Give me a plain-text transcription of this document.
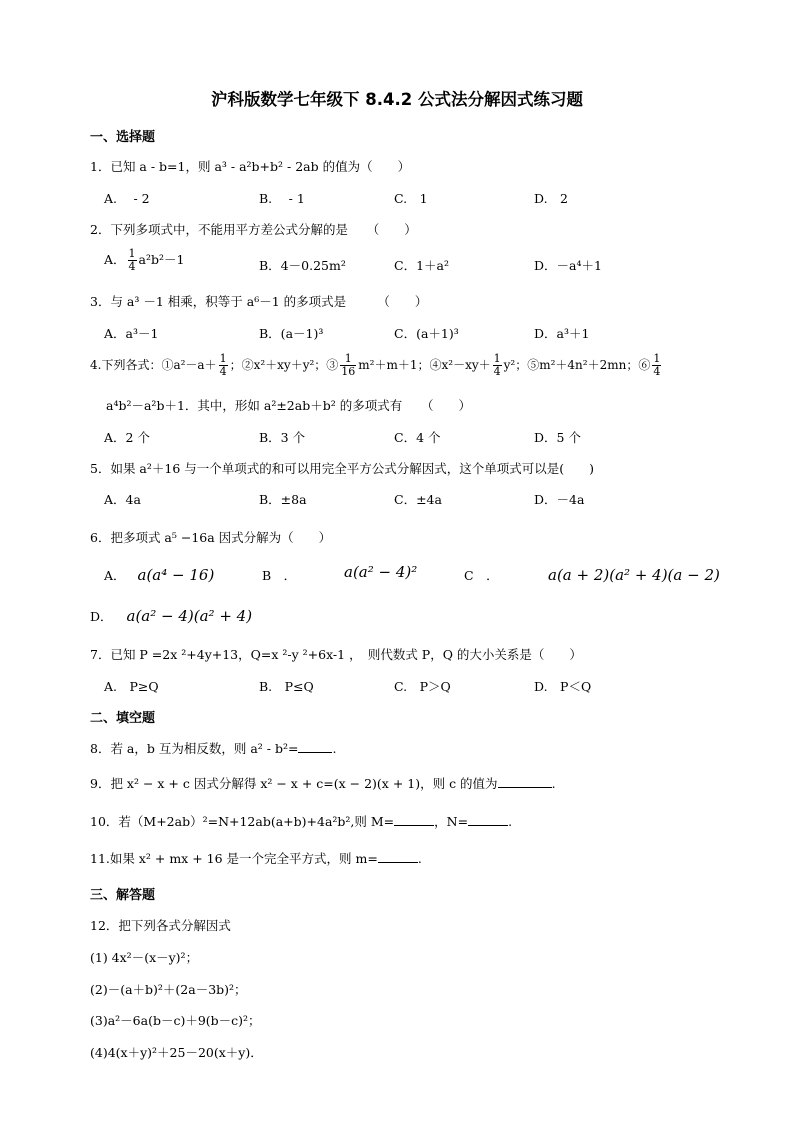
沪科版数学七年级下 8.4.2 公式法分解因式练习题
一、选择题
1．已知 a - b=1，则 a³ - a²b+b² - 2ab 的值为（　　）
A.　 - 2	B.　 - 1	C.　1	D.　2
2．下列多项式中，不能用平方差公式分解的是　　（　　）
A． $\frac{1}{4} a^2b^2-1$	B．4－0.25m²	C．1＋a²	D．－a⁴＋1
3．与 a³ －1 相乘，积等于 a⁶－1 的多项式是　　　（　　）
A．a³－1	B．(a－1)³	C．(a＋1)³	D．a³＋1
4.下列各式：①a²－a＋ $\frac{1}{4}$ ；②x²＋xy＋y²；③ $\frac{1}{16} m^2+m+1$；④x²－xy＋ $\frac{1}{4} y^2$；⑤m²＋4n²＋2mn；⑥ $\frac{1}{4}$
a⁴b²－a²b＋1．其中，形如 a²±2ab＋b² 的多项式有　　（　　）
A．2 个	B．3 个	C．4 个	D．5 个
5．如果 a²＋16 与一个单项式的和可以用完全平方公式分解因式，这个单项式可以是(　　)
A．4a	B．±8a	C．±4a	D．－4a
6．把多项式 a⁵ −16a 因式分解为（　　）
A． a(a⁴ − 16)	B　．	a(a² − 4)²	C　．	a(a + 2)(a² + 4)(a − 2)
D． a(a² − 4)(a² + 4)
7．已知 P =2x ²+4y+13，Q=x ²-y ²+6x-1 ，　则代数式 P，Q 的大小关系是（　　）
A.　P≥Q	B.　P≤Q	C.　P＞Q	D.　P＜Q
二、填空题
8．若 a，b 互为相反数，则 a² - b²=	.
9．把 x² − x + c 因式分解得 x² − x + c=(x − 2)(x + 1)，则 c 的值为	.
10．若（M+2ab）²=N+12ab(a+b)+4a²b²,则 M=	，N=	.
11.如果 x² + mx + 16 是一个完全平方式，则 m=	.
三、解答题
12．把下列各式分解因式
(1) 4x²－(x－y)²；
(2)－(a＋b)²＋(2a－3b)²；
(3)a²－6a(b－c)＋9(b－c)²；
(4)4(x＋y)²＋25－20(x＋y)．
